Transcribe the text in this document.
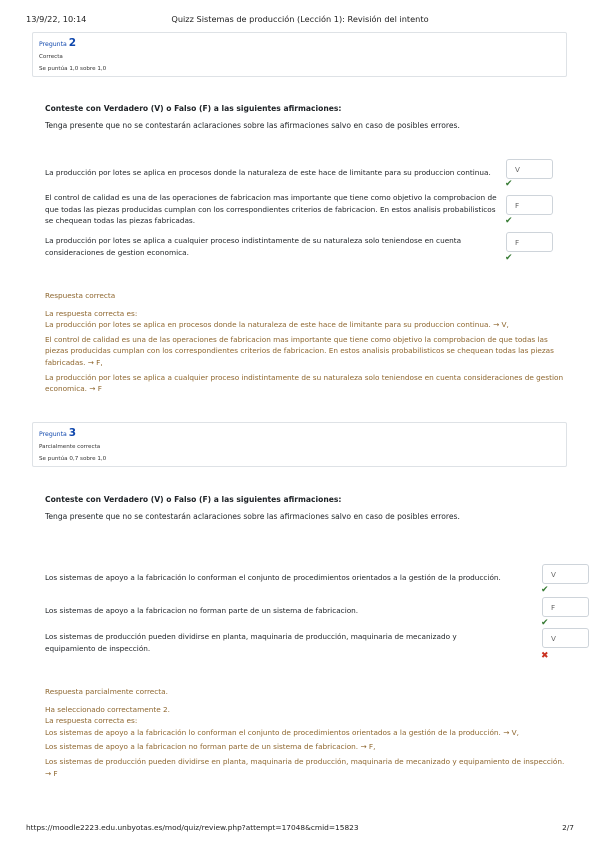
13/9/22, 10:14	Quizz Sistemas de producción (Lección 1): Revisión del intento
Pregunta 2
Correcta
Se puntúa 1,0 sobre 1,0
Conteste con Verdadero (V) o Falso (F) a las siguientes afirmaciones:
Tenga presente que no se contestarán aclaraciones sobre las afirmaciones salvo en caso de posibles errores.
La producción por lotes se aplica en procesos donde la naturaleza de este hace de limitante para su produccion continua.	V
✔
El control de calidad es una de las operaciones de fabricacion mas importante que tiene como objetivo la comprobacion de que todas las piezas producidas cumplan con los correspondientes criterios de fabricacion. En estos analisis probabilisticos se chequean todas las piezas fabricadas.
F
✔
La producción por lotes se aplica a cualquier proceso indistintamente de su naturaleza solo teniendose en cuenta consideraciones de gestion economica.
F
✔
Respuesta correcta
La respuesta correcta es:
La producción por lotes se aplica en procesos donde la naturaleza de este hace de limitante para su produccion continua. → V,
El control de calidad es una de las operaciones de fabricacion mas importante que tiene como objetivo la comprobacion de que todas las piezas producidas cumplan con los correspondientes criterios de fabricacion. En estos analisis probabilisticos se chequean todas las piezas fabricadas. → F,
La producción por lotes se aplica a cualquier proceso indistintamente de su naturaleza solo teniendose en cuenta consideraciones de gestion economica. → F
Pregunta 3
Parcialmente correcta
Se puntúa 0,7 sobre 1,0
Conteste con Verdadero (V) o Falso (F) a las siguientes afirmaciones:
Tenga presente que no se contestarán aclaraciones sobre las afirmaciones salvo en caso de posibles errores.
Los sistemas de apoyo a la fabricación lo conforman el conjunto de procedimientos orientados a la gestión de la producción.	V
✔
Los sistemas de apoyo a la fabricacion no forman parte de un sistema de fabricacion.	F
✔
Los sistemas de producción pueden dividirse en planta, maquinaria de producción, maquinaria de mecanizado y equipamiento de inspección.
V
✖
Respuesta parcialmente correcta.
Ha seleccionado correctamente 2.
La respuesta correcta es:
Los sistemas de apoyo a la fabricación lo conforman el conjunto de procedimientos orientados a la gestión de la producción. → V,
Los sistemas de apoyo a la fabricacion no forman parte de un sistema de fabricacion. → F,
Los sistemas de producción pueden dividirse en planta, maquinaria de producción, maquinaria de mecanizado y equipamiento de inspección. → F
https://moodle2223.edu.unbyotas.es/mod/quiz/review.php?attempt=17048&cmid=15823	2/7
